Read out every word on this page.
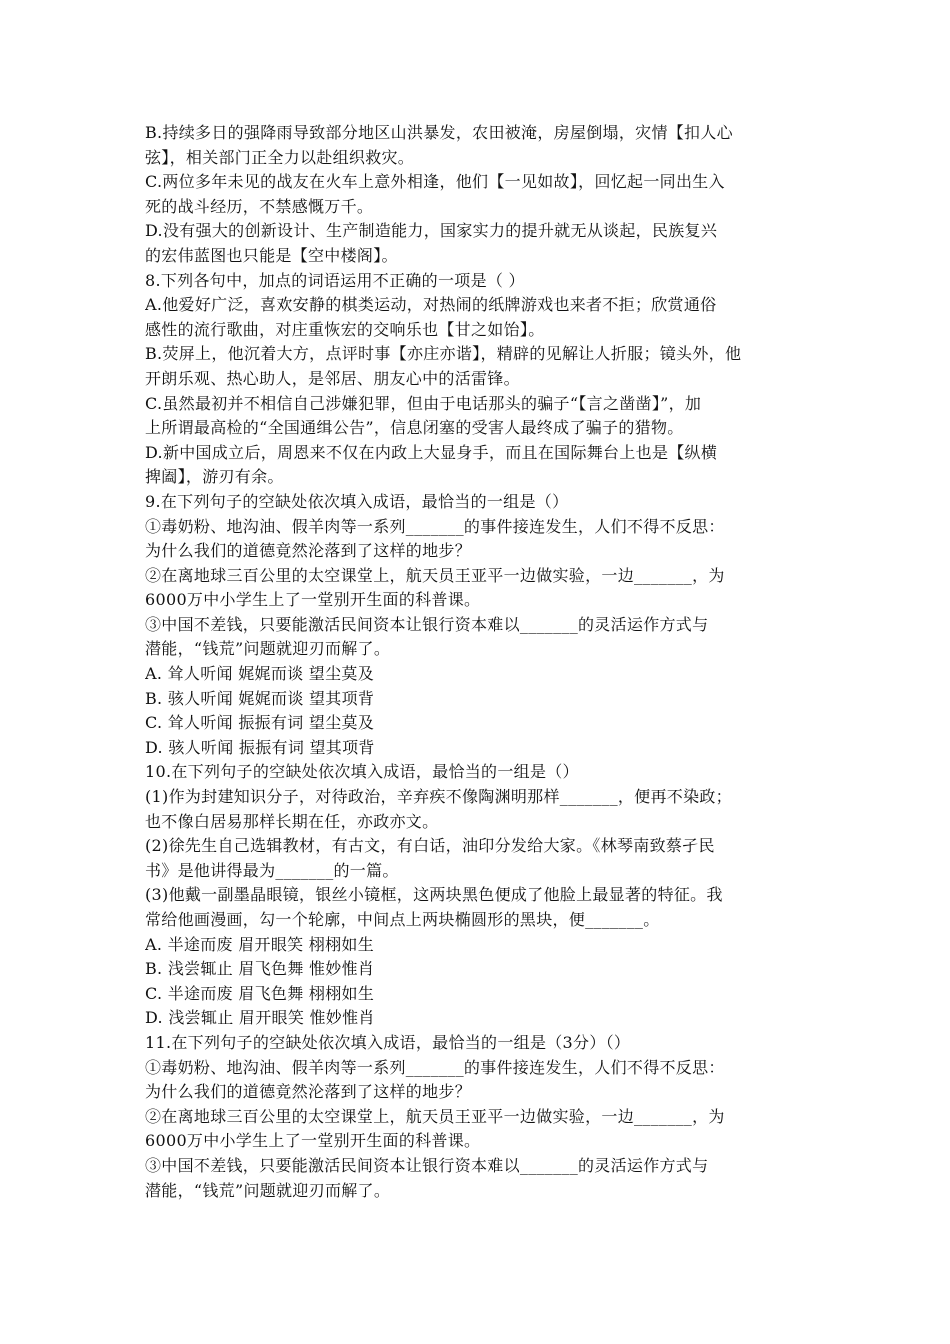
B.持续多日的强降雨导致部分地区山洪暴发，农田被淹，房屋倒塌，灾情【扣人心
弦】，相关部门正全力以赴组织救灾。
C.两位多年未见的战友在火车上意外相逢，他们【一见如故】，回忆起一同出生入
死的战斗经历，不禁感慨万千。
D.没有强大的创新设计、生产制造能力，国家实力的提升就无从谈起，民族复兴
的宏伟蓝图也只能是【空中楼阁】。
8.下列各句中，加点的词语运用不正确的一项是（ ）
A.他爱好广泛，喜欢安静的棋类运动，对热闹的纸牌游戏也来者不拒；欣赏通俗
感性的流行歌曲，对庄重恢宏的交响乐也【甘之如饴】。
B.荧屏上，他沉着大方，点评时事【亦庄亦谐】，精辟的见解让人折服；镜头外，他
开朗乐观、热心助人，是邻居、朋友心中的活雷锋。
C.虽然最初并不相信自己涉嫌犯罪，但由于电话那头的骗子“【言之凿凿】”，加
上所谓最高检的“全国通缉公告”，信息闭塞的受害人最终成了骗子的猎物。
D.新中国成立后，周恩来不仅在内政上大显身手，而且在国际舞台上也是【纵横
捭阖】，游刃有余。
9.在下列句子的空缺处依次填入成语，最恰当的一组是（）
①毒奶粉、地沟油、假羊肉等一系列_______的事件接连发生，人们不得不反思：
为什么我们的道德竟然沦落到了这样的地步？
②在离地球三百公里的太空课堂上，航天员王亚平一边做实验，一边_______，为
6000万中小学生上了一堂别开生面的科普课。
③中国不差钱，只要能激活民间资本让银行资本难以_______的灵活运作方式与
潜能，“钱荒”问题就迎刃而解了。
A. 耸人听闻 娓娓而谈 望尘莫及
B. 骇人听闻 娓娓而谈 望其项背
C. 耸人听闻 振振有词 望尘莫及
D. 骇人听闻 振振有词 望其项背
10.在下列句子的空缺处依次填入成语，最恰当的一组是（）
(1)作为封建知识分子，对待政治，辛弃疾不像陶渊明那样_______，便再不染政；
也不像白居易那样长期在任，亦政亦文。
(2)徐先生自己选辑教材，有古文，有白话，油印分发给大家。《林琴南致蔡孑民
书》是他讲得最为_______的一篇。
(3)他戴一副墨晶眼镜，银丝小镜框，这两块黑色便成了他脸上最显著的特征。我
常给他画漫画，勾一个轮廓，中间点上两块椭圆形的黑块，便_______。
A. 半途而废 眉开眼笑 栩栩如生
B. 浅尝辄止 眉飞色舞 惟妙惟肖
C. 半途而废 眉飞色舞 栩栩如生
D. 浅尝辄止 眉开眼笑 惟妙惟肖
11.在下列句子的空缺处依次填入成语，最恰当的一组是（3分）（）
①毒奶粉、地沟油、假羊肉等一系列_______的事件接连发生，人们不得不反思：
为什么我们的道德竟然沦落到了这样的地步？
②在离地球三百公里的太空课堂上，航天员王亚平一边做实验，一边_______，为
6000万中小学生上了一堂别开生面的科普课。
③中国不差钱，只要能激活民间资本让银行资本难以_______的灵活运作方式与
潜能，“钱荒”问题就迎刃而解了。
